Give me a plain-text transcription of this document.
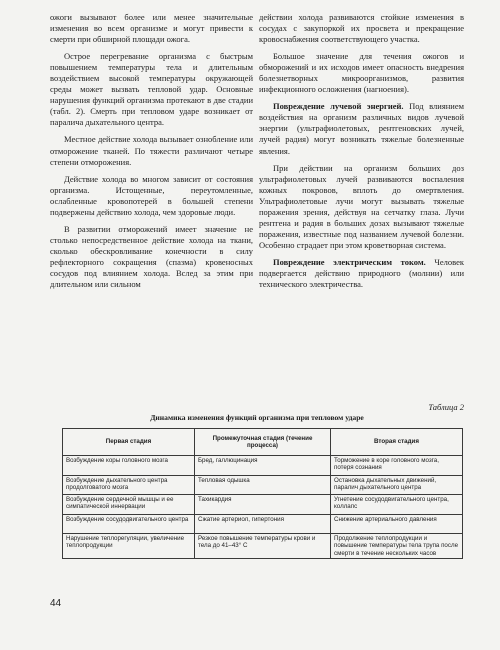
ожоги вызывают более или менее значительные изменения во всем организме и могут привести к смерти при обширной площади ожога.

Острое перегревание организма с быстрым повышением температуры тела и длительным воздействием высокой температуры окружающей среды может вызвать тепловой удар. Основные нарушения функций организма протекают в две стадии (табл. 2). Смерть при тепловом ударе возникает от паралича дыхательного центра.

Местное действие холода вызывает ознобление или отморожение тканей. По тяжести различают четыре степени отморожения.

Действие холода во многом зависит от состояния организма. Истощенные, переутомленные, ослабленные кровопотерей в большей степени подвержены действию холода, чем здоровые люди.

В развитии отморожений имеет значение не столько непосредственное действие холода на ткани, сколько обескровливание конечности в силу рефлекторного сокращения (спазма) кровеносных сосудов под влиянием холода. Вслед за этим при длительном или сильном

действии холода развиваются стойкие изменения в сосудах с закупоркой их просвета и прекращение кровоснабжения соответствующего участка.

Большое значение для течения ожогов и обморожений и их исходов имеет опасность внедрения болезнетворных микроорганизмов, развития инфекционного осложнения (нагноения).

Повреждение лучевой энергией. Под влиянием воздействия на организм различных видов лучевой энергии (ультрафиолетовых, рентгеновских лучей, лучей радия) могут возникать тяжелые болезненные явления.

При действии на организм больших доз ультрафиолетовых лучей развиваются воспаления кожных покровов, вплоть до омертвления. Ультрафиолетовые лучи могут вызывать тяжелые поражения зрения, действуя на сетчатку глаза. Лучи рентгена и радия в больших дозах вызывают тяжелые поражения, известные под названием лучевой болезни. Особенно страдает при этом кроветворная система.

Повреждение электрическим током. Человек подвергается действию природного (молнии) или технического электричества.

Таблица 2
Динамика изменения функций организма при тепловом ударе
Первая стадия	Промежуточная стадия (течение процесса)	Вторая стадия
Возбуждение коры головного мозга	Бред, галлюцинация	Торможение в коре головного мозга, потеря сознания
Возбуждение дыхательного центра продолговатого мозга	Тепловая одышка	Остановка дыхательных движений, паралич дыхательного центра
Возбуждение сердечной мышцы и ее симпатической иннервации	Тахикардия	Угнетение сосудодвигательного центра, коллапс
Возбуждение сосудодвигательного центра	Сжатие артериол, гипертония	Снижение артериального давления
Нарушение теплорегуляции, увеличение теплопродукции	Резкое повышение температуры крови и тела до 41–43° С	Продолжение теплопродукции и повышение температуры тела трупа после смерти в течение нескольких часов
44
